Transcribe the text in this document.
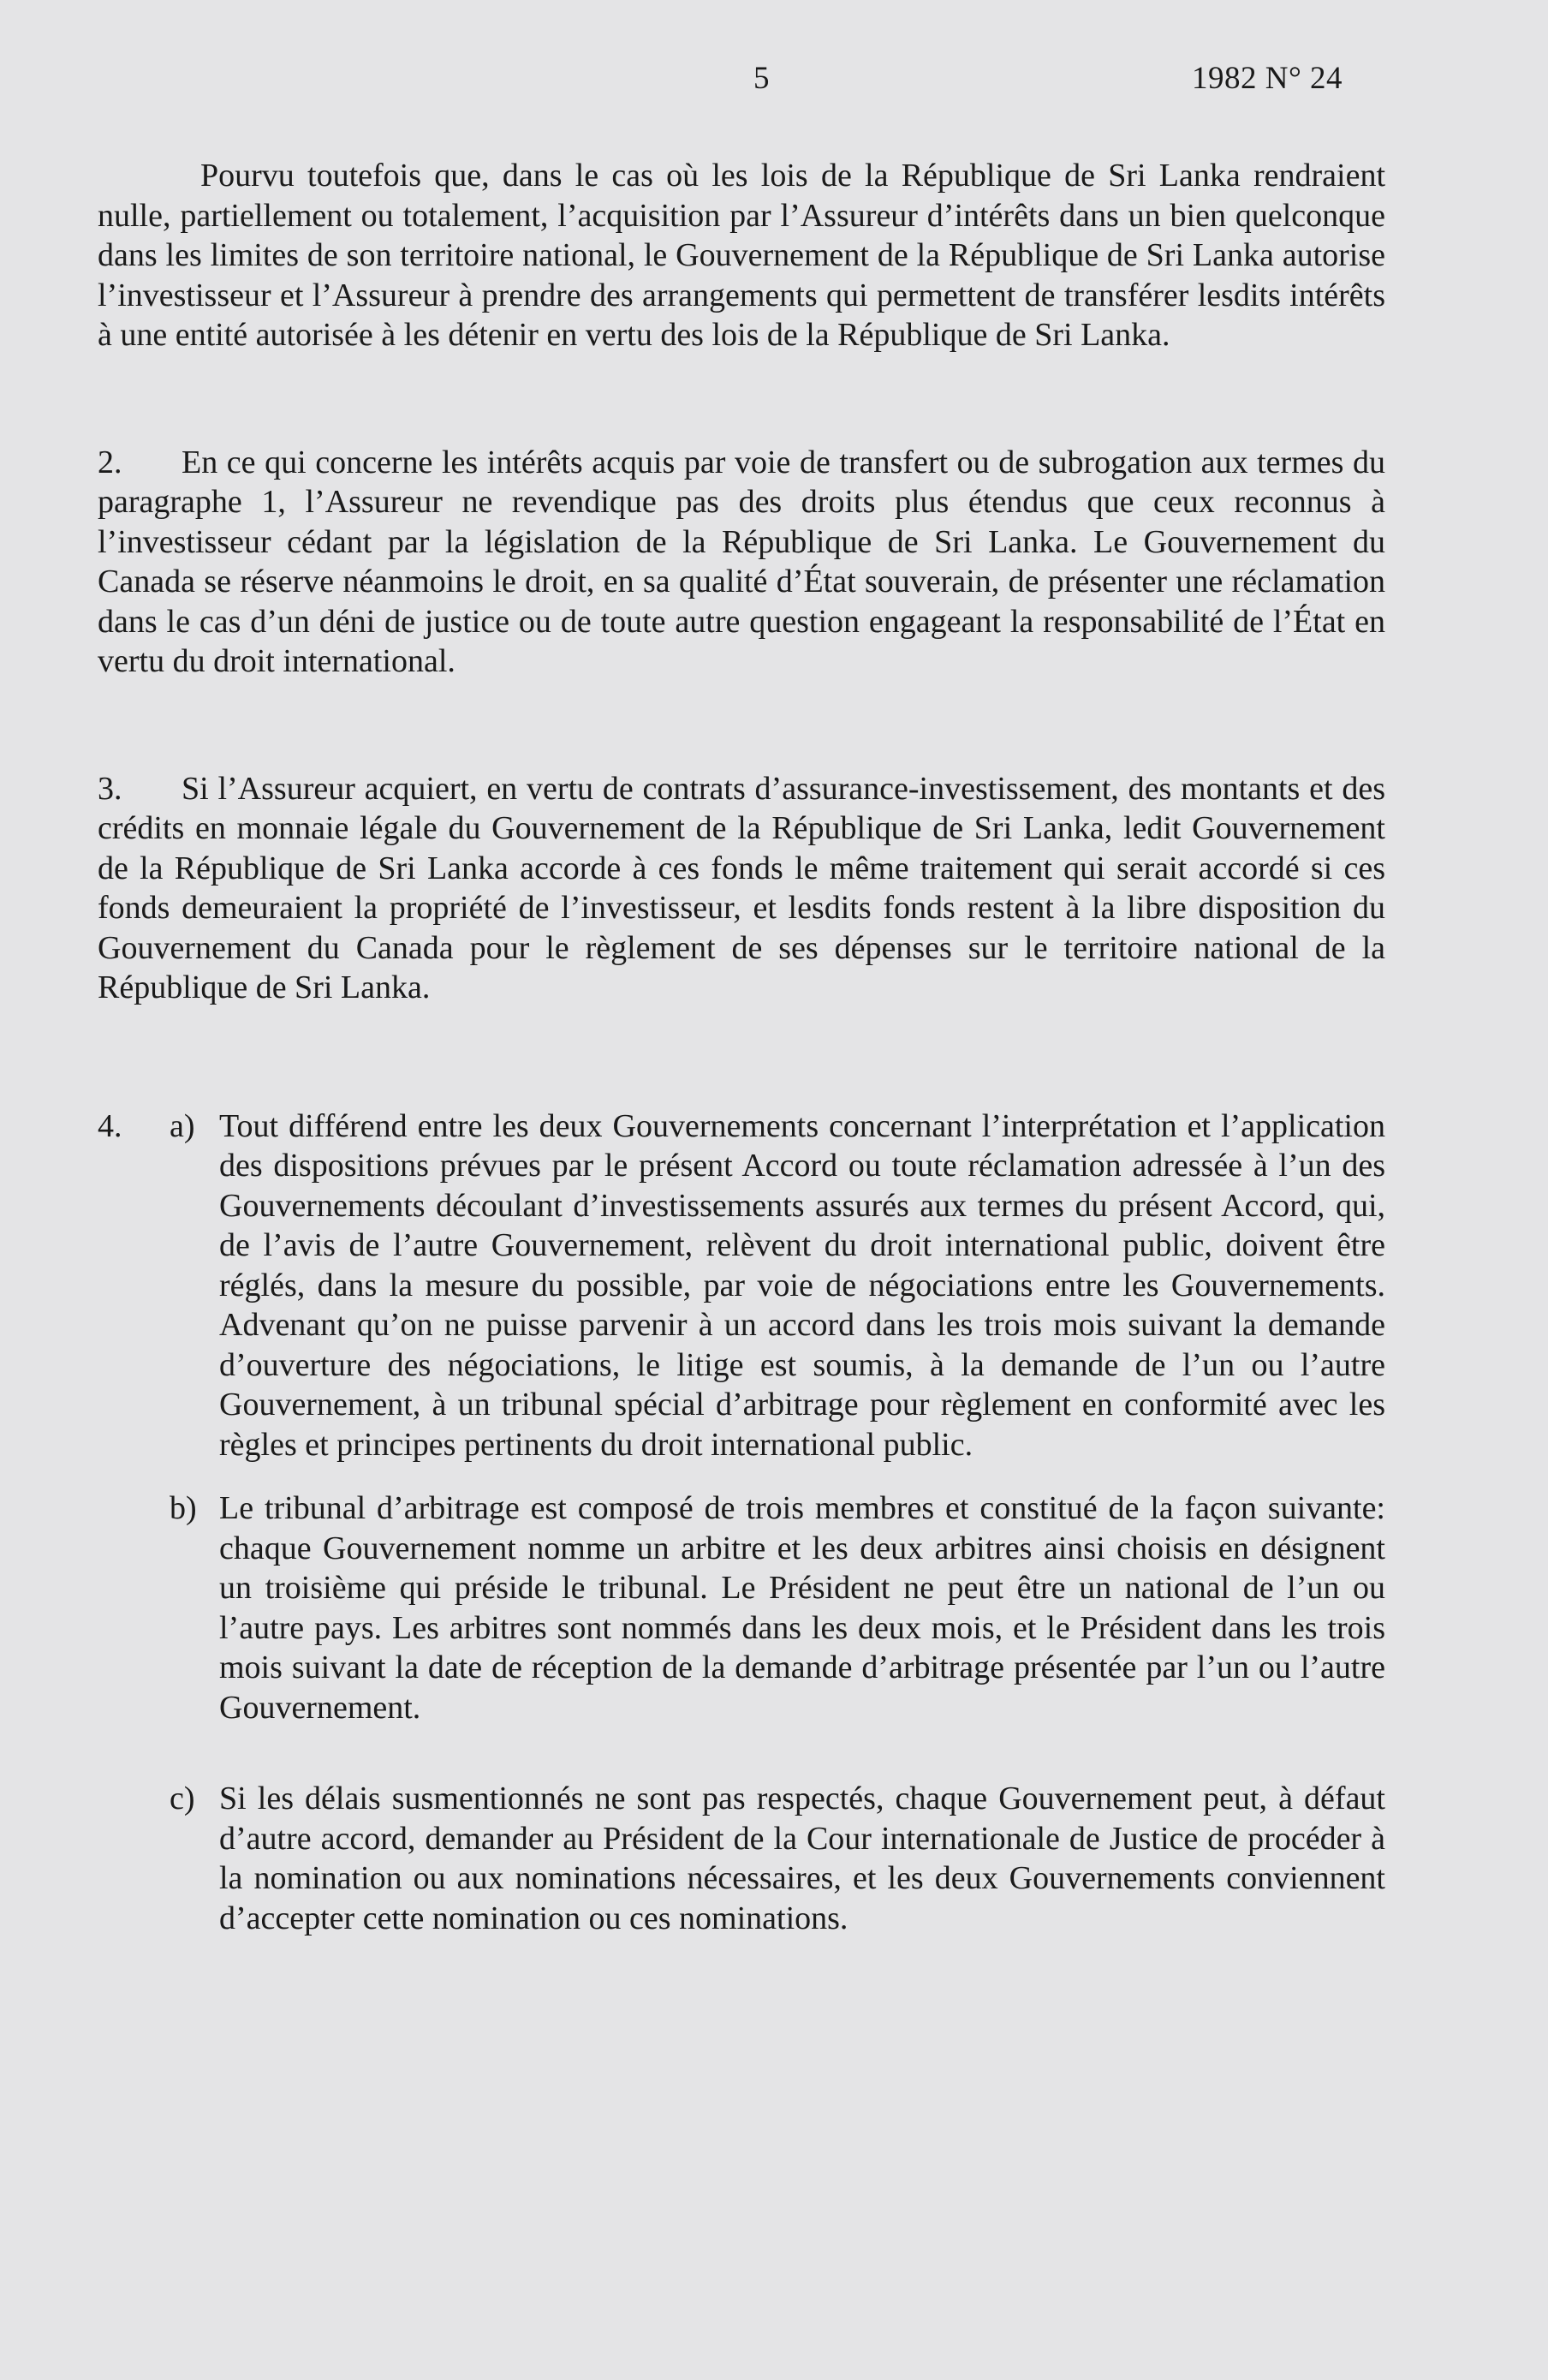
5	1982 N° 24

Pourvu toutefois que, dans le cas où les lois de la République de Sri Lanka rendraient nulle, partiellement ou totalement, l’acquisition par l’Assureur d’intérêts dans un bien quelconque dans les limites de son territoire national, le Gouvernement de la République de Sri Lanka autorise l’investisseur et l’Assureur à prendre des arrangements qui permettent de transférer lesdits intérêts à une entité autorisée à les détenir en vertu des lois de la République de Sri Lanka.

2. En ce qui concerne les intérêts acquis par voie de transfert ou de subrogation aux termes du paragraphe 1, l’Assureur ne revendique pas des droits plus étendus que ceux reconnus à l’investisseur cédant par la législation de la République de Sri Lanka. Le Gouvernement du Canada se réserve néanmoins le droit, en sa qualité d’État souverain, de présenter une réclamation dans le cas d’un déni de justice ou de toute autre question engageant la responsabilité de l’État en vertu du droit international.

3. Si l’Assureur acquiert, en vertu de contrats d’assurance-investissement, des montants et des crédits en monnaie légale du Gouvernement de la République de Sri Lanka, ledit Gouvernement de la République de Sri Lanka accorde à ces fonds le même traitement qui serait accordé si ces fonds demeuraient la propriété de l’investisseur, et lesdits fonds restent à la libre disposition du Gouvernement du Canada pour le règlement de ses dépenses sur le territoire national de la République de Sri Lanka.

4.	a) Tout différend entre les deux Gouvernements concernant l’interprétation et l’application des dispositions prévues par le présent Accord ou toute réclamation adressée à l’un des Gouvernements découlant d’investissements assurés aux termes du présent Accord, qui, de l’avis de l’autre Gouvernement, relèvent du droit international public, doivent être réglés, dans la mesure du possible, par voie de négociations entre les Gouvernements. Advenant qu’on ne puisse parvenir à un accord dans les trois mois suivant la demande d’ouverture des négociations, le litige est soumis, à la demande de l’un ou l’autre Gouvernement, à un tribunal spécial d’arbitrage pour règlement en conformité avec les règles et principes pertinents du droit international public.
b) Le tribunal d’arbitrage est composé de trois membres et constitué de la façon suivante: chaque Gouvernement nomme un arbitre et les deux arbitres ainsi choisis en désignent un troisième qui préside le tribunal. Le Président ne peut être un national de l’un ou l’autre pays. Les arbitres sont nommés dans les deux mois, et le Président dans les trois mois suivant la date de réception de la demande d’arbitrage présentée par l’un ou l’autre Gouvernement.
c) Si les délais susmentionnés ne sont pas respectés, chaque Gouvernement peut, à défaut d’autre accord, demander au Président de la Cour internationale de Justice de procéder à la nomination ou aux nominations nécessaires, et les deux Gouvernements conviennent d’accepter cette nomination ou ces nominations.
